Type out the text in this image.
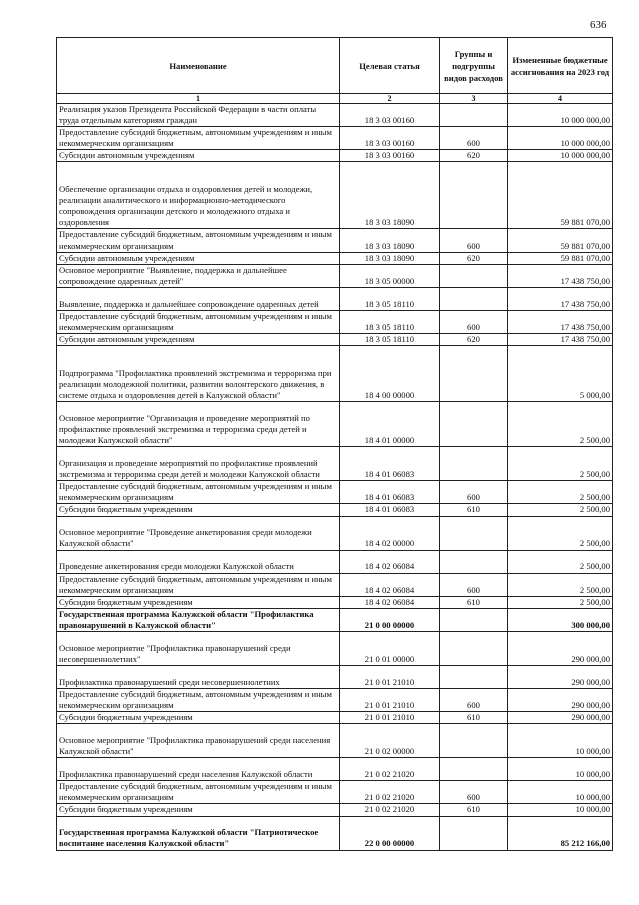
636
Наименование	Целевая статья	Группы и подгруппы видов расходов	Измененные бюджетные ассигнования на 2023 год
1	2	3	4
Реализация указов Президента Российской Федерации в части оплаты труда отдельным категориям граждан	18 3 03 00160		10 000 000,00
Предоставление субсидий бюджетным, автономным учреждениям и иным некоммерческим организациям	18 3 03 00160	600	10 000 000,00
Субсидии автономным учреждениям	18 3 03 00160	620	10 000 000,00
Обеспечение организации отдыха и оздоровления детей и молодежи, реализации аналитического и информационно-методического сопровождения организации детского и молодежного отдыха и оздоровления	18 3 03 18090		59 881 070,00
Предоставление субсидий бюджетным, автономным учреждениям и иным некоммерческим организациям	18 3 03 18090	600	59 881 070,00
Субсидии автономным учреждениям	18 3 03 18090	620	59 881 070,00
Основное мероприятие "Выявление, поддержка и дальнейшее сопровождение одаренных детей"	18 3 05 00000		17 438 750,00
Выявление, поддержка и дальнейшее сопровождение одаренных детей	18 3 05 18110		17 438 750,00
Предоставление субсидий бюджетным, автономным учреждениям и иным некоммерческим организациям	18 3 05 18110	600	17 438 750,00
Субсидии автономным учреждениям	18 3 05 18110	620	17 438 750,00
Подпрограмма "Профилактика проявлений экстремизма и терроризма при реализации молодежной политики, развитии волонтерского движения, в системе отдыха и оздоровления детей в Калужской области"	18 4 00 00000		5 000,00
Основное мероприятие "Организация и проведение мероприятий по профилактике проявлений экстремизма и терроризма среди детей и молодежи Калужской области"	18 4 01 00000		2 500,00
Организация и проведение мероприятий по профилактике проявлений экстремизма и терроризма среди детей и молодежи Калужской области	18 4 01 06083		2 500,00
Предоставление субсидий бюджетным, автономным учреждениям и иным некоммерческим организациям	18 4 01 06083	600	2 500,00
Субсидии бюджетным учреждениям	18 4 01 06083	610	2 500,00
Основное мероприятие "Проведение анкетирования среди молодежи Калужской области"	18 4 02 00000		2 500,00
Проведение анкетирования среди молодежи Калужской области	18 4 02 06084		2 500,00
Предоставление субсидий бюджетным, автономным учреждениям и иным некоммерческим организациям	18 4 02 06084	600	2 500,00
Субсидии бюджетным учреждениям	18 4 02 06084	610	2 500,00
Государственная программа Калужской области "Профилактика правонарушений в Калужской области"	21 0 00 00000		300 000,00
Основное мероприятие "Профилактика правонарушений среди несовершеннолетних"	21 0 01 00000		290 000,00
Профилактика правонарушений среди несовершеннолетних	21 0 01 21010		290 000,00
Предоставление субсидий бюджетным, автономным учреждениям и иным некоммерческим организациям	21 0 01 21010	600	290 000,00
Субсидии бюджетным учреждениям	21 0 01 21010	610	290 000,00
Основное мероприятие "Профилактика правонарушений среди населения Калужской области"	21 0 02 00000		10 000,00
Профилактика правонарушений среди населения Калужской области	21 0 02 21020		10 000,00
Предоставление субсидий бюджетным, автономным учреждениям и иным некоммерческим организациям	21 0 02 21020	600	10 000,00
Субсидии бюджетным учреждениям	21 0 02 21020	610	10 000,00
Государственная программа Калужской области "Патриотическое воспитание населения Калужской области"	22 0 00 00000		85 212 166,00
